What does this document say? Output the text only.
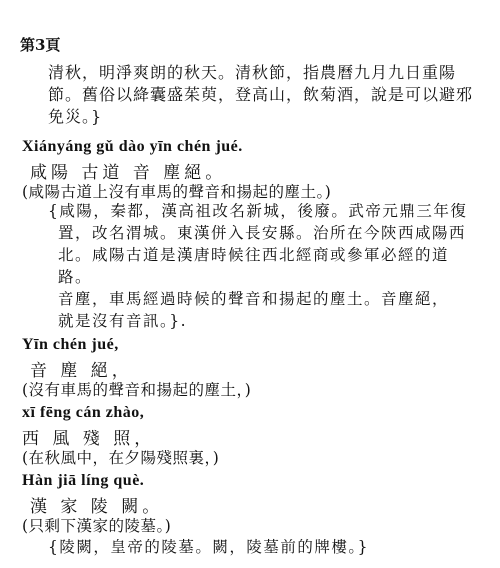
第3頁
清秋，明淨爽朗的秋天。清秋節，指農曆九月九日重陽
節。舊俗以絳囊盛茱萸，登高山，飲菊酒，說是可以避邪
免災。}
Xiányáng gǔ dào yīn chén jué.
咸陽 古道 音 塵絕。
(咸陽古道上沒有車馬的聲音和揚起的塵土。)
{咸陽，秦都，漢高祖改名新城，後廢。武帝元鼎三年復
置，改名渭城。東漢併入長安縣。治所在今陝西咸陽西
北。咸陽古道是漢唐時候往西北經商或參軍必經的道
路。
音塵，車馬經過時候的聲音和揚起的塵土。音塵絕，
就是沒有音訊。}.
Yīn chén jué,
音 塵 絕，
(沒有車馬的聲音和揚起的塵土，)
xī fēng cán zhào,
西 風 殘 照，
(在秋風中，在夕陽殘照裏，)
Hàn jiā líng què.
漢 家 陵 闕。
(只剩下漢家的陵墓。)
{陵闕，皇帝的陵墓。闕，陵墓前的牌樓。}
